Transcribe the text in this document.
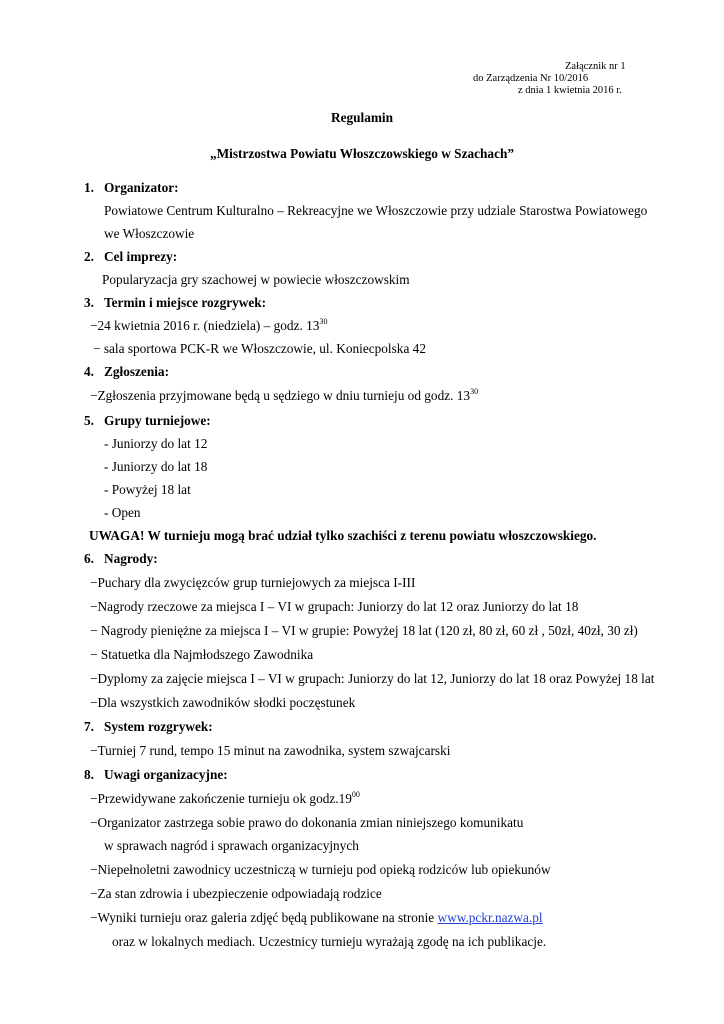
Załącznik nr 1
do Zarządzenia Nr 10/2016
z dnia 1 kwietnia 2016 r.
Regulamin
„Mistrzostwa Powiatu Włoszczowskiego w Szachach”
1. Organizator:
Powiatowe Centrum Kulturalno – Rekreacyjne we Włoszczowie przy udziale Starostwa Powiatowego
we Włoszczowie
2. Cel imprezy:
Popularyzacja gry szachowej w powiecie włoszczowskim
3. Termin i miejsce rozgrywek:
−24 kwietnia 2016 r. (niedziela) – godz. $13^{30}$
− sala sportowa PCK-R we Włoszczowie, ul. Koniecpolska 42
4. Zgłoszenia:
−Zgłoszenia przyjmowane będą u sędziego w dniu turnieju od godz. $13^{30}$
5. Grupy turniejowe:
- Juniorzy do lat 12
- Juniorzy do lat 18
- Powyżej 18 lat
- Open
UWAGA! W turnieju mogą brać udział tylko szachiści z terenu powiatu włoszczowskiego.
6. Nagrody:
−Puchary dla zwycięzców grup turniejowych za miejsca I-III
−Nagrody rzeczowe za miejsca I – VI w grupach: Juniorzy do lat 12 oraz Juniorzy do lat 18
− Nagrody pieniężne za miejsca I – VI w grupie: Powyżej 18 lat (120 zł, 80 zł, 60 zł , 50zł, 40zł, 30 zł)
− Statuetka dla Najmłodszego Zawodnika
−Dyplomy za zajęcie miejsca I – VI w grupach: Juniorzy do lat 12, Juniorzy do lat 18 oraz Powyżej 18 lat
−Dla wszystkich zawodników słodki poczęstunek
7. System rozgrywek:
−Turniej 7 rund, tempo 15 minut na zawodnika, system szwajcarski
8. Uwagi organizacyjne:
−Przewidywane zakończenie turnieju ok $godz.19^{00}$
−Organizator zastrzega sobie prawo do dokonania zmian niniejszego komunikatu
w sprawach nagród i sprawach organizacyjnych
−Niepełnoletni zawodnicy uczestniczą w turnieju pod opieką rodziców lub opiekunów
−Za stan zdrowia i ubezpieczenie odpowiadają rodzice
−Wyniki turnieju oraz galeria zdjęć będą publikowane na stronie www.pckr.nazwa.pl
oraz w lokalnych mediach. Uczestnicy turnieju wyrażają zgodę na ich publikacje.
